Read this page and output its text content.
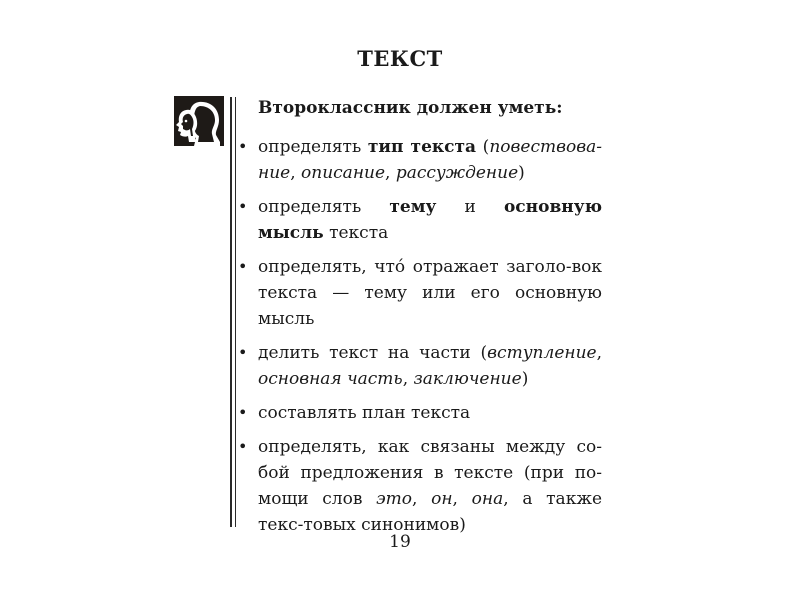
ТЕКСТ
Второклассник должен уметь:
• определять тип текста (повествова-ние, описание, рассуждение)
• определять тему и основную мысль текста
• определять, что́ отражает заголо-вок текста — тему или его основную мысль
• делить текст на части (вступление, основная часть, заключение)
• составлять план текста
• определять, как связаны между со-бой предложения в тексте (при по-мощи слов это, он, она, а также текс-товых синонимов)
19
